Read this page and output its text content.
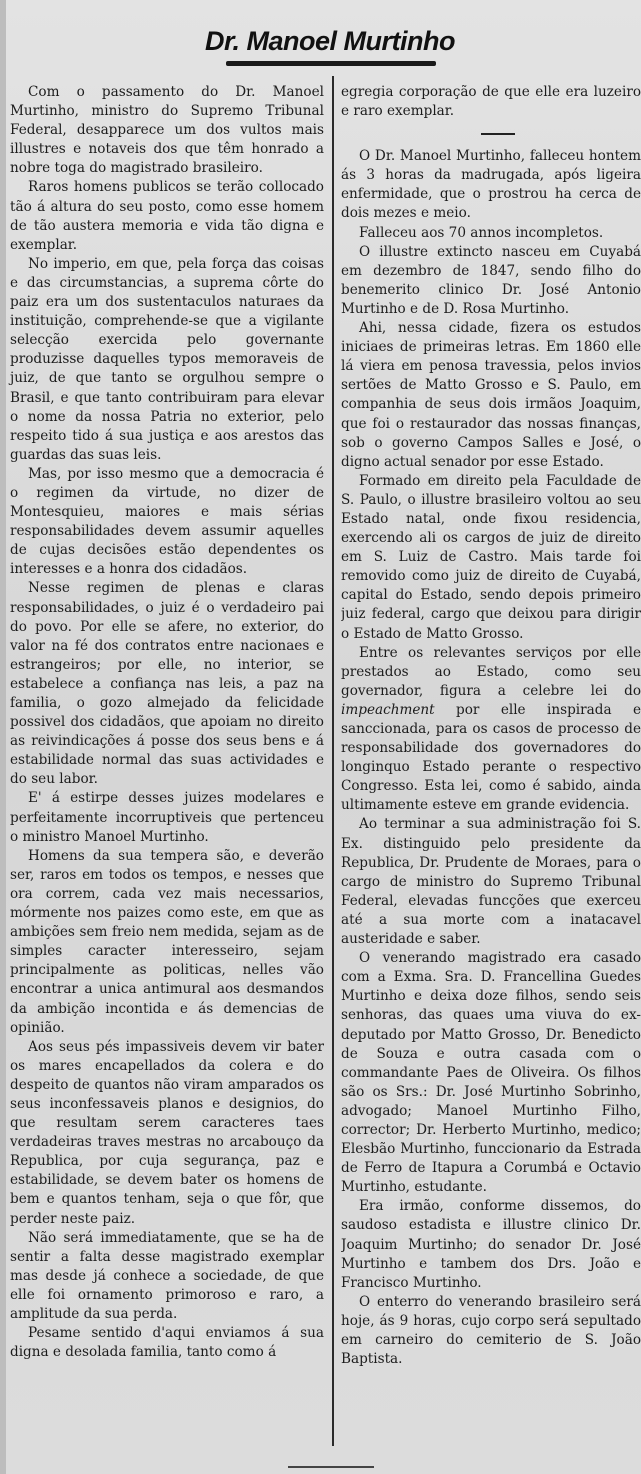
Dr. Manoel Murtinho

Com o passamento do Dr. Manoel Murtinho, ministro do Supremo Tribunal Federal, desapparece um dos vultos mais illustres e notaveis dos que têm honrado a nobre toga do magistrado brasileiro.

Raros homens publicos se terão collocado tão á altura do seu posto, como esse homem de tão austera memoria e vida tão digna e exemplar.

No imperio, em que, pela força das coisas e das circumstancias, a suprema côrte do paiz era um dos sustentaculos naturaes da instituição, comprehende-se que a vigilante selecção exercida pelo governante produzisse daquelles typos memoraveis de juiz, de que tanto se orgulhou sempre o Brasil, e que tanto contribuiram para elevar o nome da nossa Patria no exterior, pelo respeito tido á sua justiça e aos arestos das guardas das suas leis.

Mas, por isso mesmo que a democracia é o regimen da virtude, no dizer de Montesquieu, maiores e mais sérias responsabilidades devem assumir aquelles de cujas decisões estão dependentes os interesses e a honra dos cidadãos.

Nesse regimen de plenas e claras responsabilidades, o juiz é o verdadeiro pai do povo. Por elle se afere, no exterior, do valor na fé dos contratos entre nacionaes e estrangeiros; por elle, no interior, se estabelece a confiança nas leis, a paz na familia, o gozo almejado da felicidade possivel dos cidadãos, que apoiam no direito as reivindicações á posse dos seus bens e á estabilidade normal das suas actividades e do seu labor.

E' á estirpe desses juizes modelares e perfeitamente incorruptiveis que pertenceu o ministro Manoel Murtinho.

Homens da sua tempera são, e deverão ser, raros em todos os tempos, e nesses que ora correm, cada vez mais necessarios, mórmente nos paizes como este, em que as ambições sem freio nem medida, sejam as de simples caracter interesseiro, sejam principalmente as politicas, nelles vão encontrar a unica antimural aos desmandos da ambição incontida e ás demencias de opinião.

Aos seus pés impassiveis devem vir bater os mares encapellados da colera e do despeito de quantos não viram amparados os seus inconfessaveis planos e designios, do que resultam serem caracteres taes verdadeiras traves mestras no arcabouço da Republica, por cuja segurança, paz e estabilidade, se devem bater os homens de bem e quantos tenham, seja o que fôr, que perder neste paiz.

Não será immediatamente, que se ha de sentir a falta desse magistrado exemplar mas desde já conhece a sociedade, de que elle foi ornamento primoroso e raro, a amplitude da sua perda.

Pesame sentido d'aqui enviamos á sua digna e desolada familia, tanto como á

egregia corporação de que elle era luzeiro e raro exemplar.

O Dr. Manoel Murtinho, falleceu hontem ás 3 horas da madrugada, após ligeira enfermidade, que o prostrou ha cerca de dois mezes e meio.

Falleceu aos 70 annos incompletos.

O illustre extincto nasceu em Cuyabá em dezembro de 1847, sendo filho do benemerito clinico Dr. José Antonio Murtinho e de D. Rosa Murtinho.

Ahi, nessa cidade, fizera os estudos iniciaes de primeiras letras. Em 1860 elle lá viera em penosa travessia, pelos invios sertões de Matto Grosso e S. Paulo, em companhia de seus dois irmãos Joaquim, que foi o restaurador das nossas finanças, sob o governo Campos Salles e José, o digno actual senador por esse Estado.

Formado em direito pela Faculdade de S. Paulo, o illustre brasileiro voltou ao seu Estado natal, onde fixou residencia, exercendo ali os cargos de juiz de direito em S. Luiz de Castro. Mais tarde foi removido como juiz de direito de Cuyabá, capital do Estado, sendo depois primeiro juiz federal, cargo que deixou para dirigir o Estado de Matto Grosso.

Entre os relevantes serviços por elle prestados ao Estado, como seu governador, figura a celebre lei do impeachment por elle inspirada e sanccionada, para os casos de processo de responsabilidade dos governadores do longinquo Estado perante o respectivo Congresso. Esta lei, como é sabido, ainda ultimamente esteve em grande evidencia.

Ao terminar a sua administração foi S. Ex. distinguido pelo presidente da Republica, Dr. Prudente de Moraes, para o cargo de ministro do Supremo Tribunal Federal, elevadas funcções que exerceu até a sua morte com a inatacavel austeridade e saber.

O venerando magistrado era casado com a Exma. Sra. D. Francellina Guedes Murtinho e deixa doze filhos, sendo seis senhoras, das quaes uma viuva do ex-deputado por Matto Grosso, Dr. Benedicto de Souza e outra casada com o commandante Paes de Oliveira. Os filhos são os Srs.: Dr. José Murtinho Sobrinho, advogado; Manoel Murtinho Filho, corrector; Dr. Herberto Murtinho, medico; Elesbão Murtinho, funccionario da Estrada de Ferro de Itapura a Corumbá e Octavio Murtinho, estudante.

Era irmão, conforme dissemos, do saudoso estadista e illustre clinico Dr. Joaquim Murtinho; do senador Dr. José Murtinho e tambem dos Drs. João e Francisco Murtinho.

O enterro do venerando brasileiro será hoje, ás 9 horas, cujo corpo será sepultado em carneiro do cemiterio de S. João Baptista.
